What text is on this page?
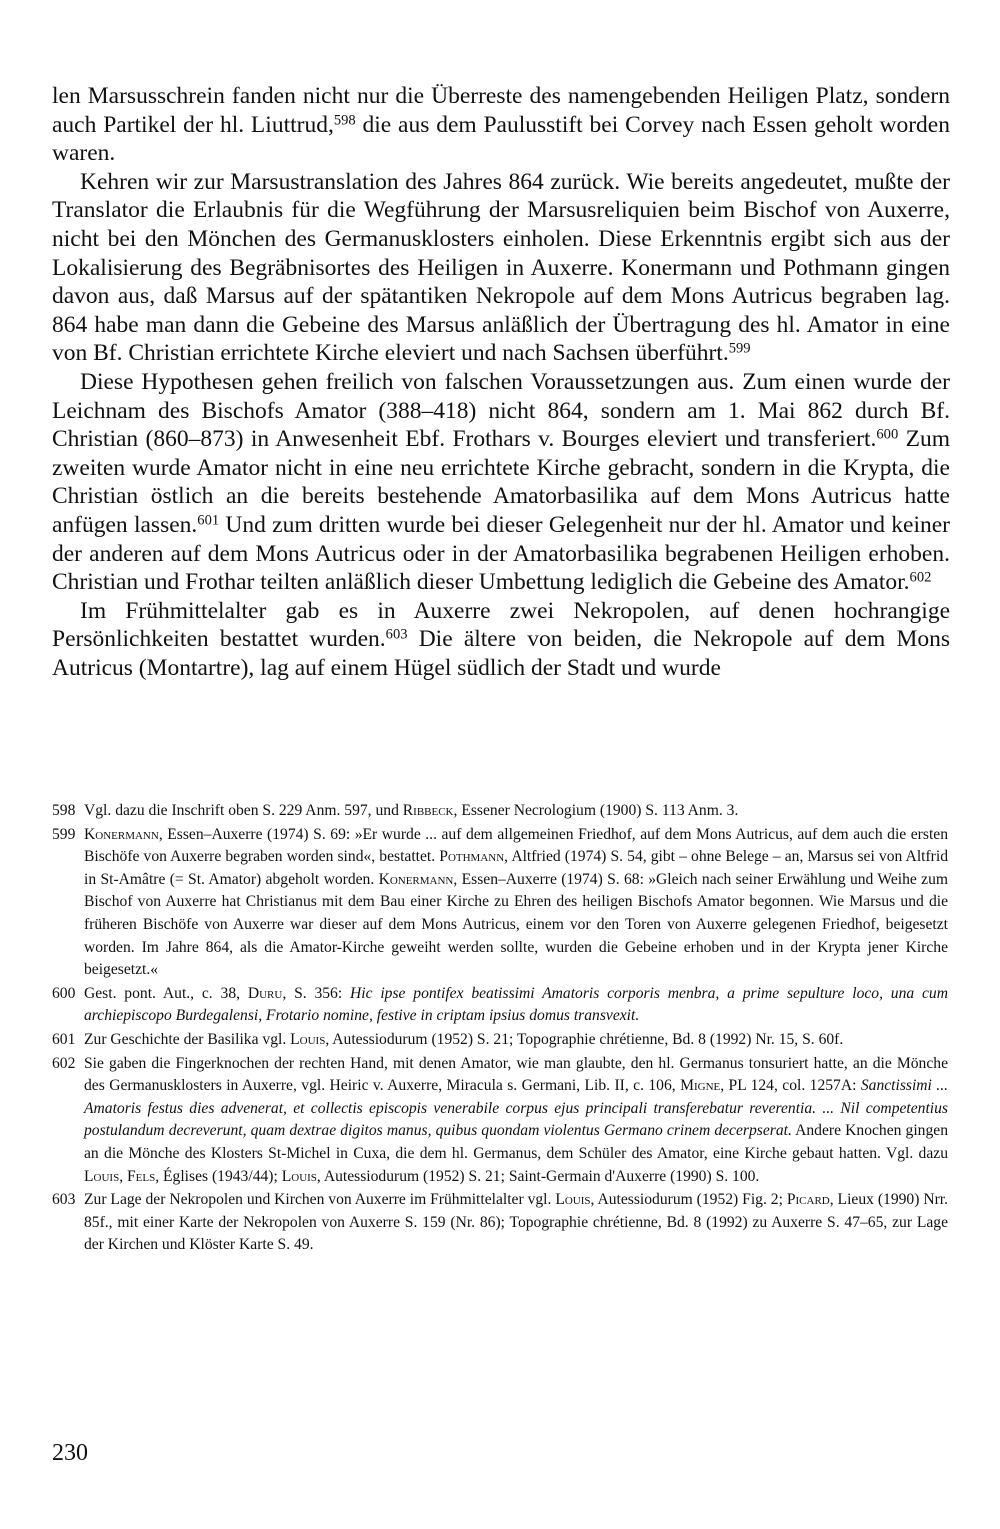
len Marsusschrein fanden nicht nur die Überreste des namengebenden Heiligen Platz, sondern auch Partikel der hl. Liuttrud,$^{598}$ die aus dem Paulusstift bei Corvey nach Essen geholt worden waren.

Kehren wir zur Marsustranslation des Jahres 864 zurück. Wie bereits angedeutet, mußte der Translator die Erlaubnis für die Wegführung der Marsusreliquien beim Bischof von Auxerre, nicht bei den Mönchen des Germanusklosters einholen. Diese Erkenntnis ergibt sich aus der Lokalisierung des Begräbnisortes des Heiligen in Auxerre. Konermann und Pothmann gingen davon aus, daß Marsus auf der spätantiken Nekropole auf dem Mons Autricus begraben lag. 864 habe man dann die Gebeine des Marsus anläßlich der Übertragung des hl. Amator in eine von Bf. Christian errichtete Kirche eleviert und nach Sachsen überführt.$^{599}$

Diese Hypothesen gehen freilich von falschen Voraussetzungen aus. Zum einen wurde der Leichnam des Bischofs Amator (388–418) nicht 864, sondern am 1. Mai 862 durch Bf. Christian (860–873) in Anwesenheit Ebf. Frothars v. Bourges eleviert und transferiert.$^{600}$ Zum zweiten wurde Amator nicht in eine neu errichtete Kirche gebracht, sondern in die Krypta, die Christian östlich an die bereits bestehende Amatorbasilika auf dem Mons Autricus hatte anfügen lassen.$^{601}$ Und zum dritten wurde bei dieser Gelegenheit nur der hl. Amator und keiner der anderen auf dem Mons Autricus oder in der Amatorbasilika begrabenen Heiligen erhoben. Christian und Frothar teilten anläßlich dieser Umbettung lediglich die Gebeine des Amator.$^{602}$

Im Frühmittelalter gab es in Auxerre zwei Nekropolen, auf denen hochrangige Persönlichkeiten bestattet wurden.$^{603}$ Die ältere von beiden, die Nekropole auf dem Mons Autricus (Montartre), lag auf einem Hügel südlich der Stadt und wurde

598 Vgl. dazu die Inschrift oben S. 229 Anm. 597, und Ribbeck, Essener Necrologium (1900) S. 113 Anm. 3.
599 Konermann, Essen–Auxerre (1974) S. 69: »Er wurde ... auf dem allgemeinen Friedhof, auf dem Mons Autricus, auf dem auch die ersten Bischöfe von Auxerre begraben worden sind«, bestattet. Pothmann, Altfried (1974) S. 54, gibt – ohne Belege – an, Marsus sei von Altfrid in St-Amâtre (= St. Amator) abgeholt worden. Konermann, Essen–Auxerre (1974) S. 68: »Gleich nach seiner Erwählung und Weihe zum Bischof von Auxerre hat Christianus mit dem Bau einer Kirche zu Ehren des heiligen Bischofs Amator begonnen. Wie Marsus und die früheren Bischöfe von Auxerre war dieser auf dem Mons Autricus, einem vor den Toren von Auxerre gelegenen Friedhof, beigesetzt worden. Im Jahre 864, als die Amator-Kirche geweiht werden sollte, wurden die Gebeine erhoben und in der Krypta jener Kirche beigesetzt.«
600 Gest. pont. Aut., c. 38, Duru, S. 356: Hic ipse pontifex beatissimi Amatoris corporis menbra, a prime sepulture loco, una cum archiepiscopo Burdegalensi, Frotario nomine, festive in criptam ipsius domus transvexit.
601 Zur Geschichte der Basilika vgl. Louis, Autessiodurum (1952) S. 21; Topographie chrétienne, Bd. 8 (1992) Nr. 15, S. 60f.
602 Sie gaben die Fingerknochen der rechten Hand, mit denen Amator, wie man glaubte, den hl. Germanus tonsuriert hatte, an die Mönche des Germanusklosters in Auxerre, vgl. Heiric v. Auxerre, Miracula s. Germani, Lib. II, c. 106, Migne, PL 124, col. 1257A: Sanctissimi ... Amatoris festus dies advenerat, et collectis episcopis venerabile corpus ejus principali transferebatur reverentia. ... Nil competentius postulandum decreverunt, quam dextrae digitos manus, quibus quondam violentus Germano crinem decerpserat. Andere Knochen gingen an die Mönche des Klosters St-Michel in Cuxa, die dem hl. Germanus, dem Schüler des Amator, eine Kirche gebaut hatten. Vgl. dazu Louis, Fels, Églises (1943/44); Louis, Autessiodurum (1952) S. 21; Saint-Germain d'Auxerre (1990) S. 100.
603 Zur Lage der Nekropolen und Kirchen von Auxerre im Frühmittelalter vgl. Louis, Autessiodurum (1952) Fig. 2; Picard, Lieux (1990) Nrr. 85f., mit einer Karte der Nekropolen von Auxerre S. 159 (Nr. 86); Topographie chrétienne, Bd. 8 (1992) zu Auxerre S. 47–65, zur Lage der Kirchen und Klöster Karte S. 49.
230
